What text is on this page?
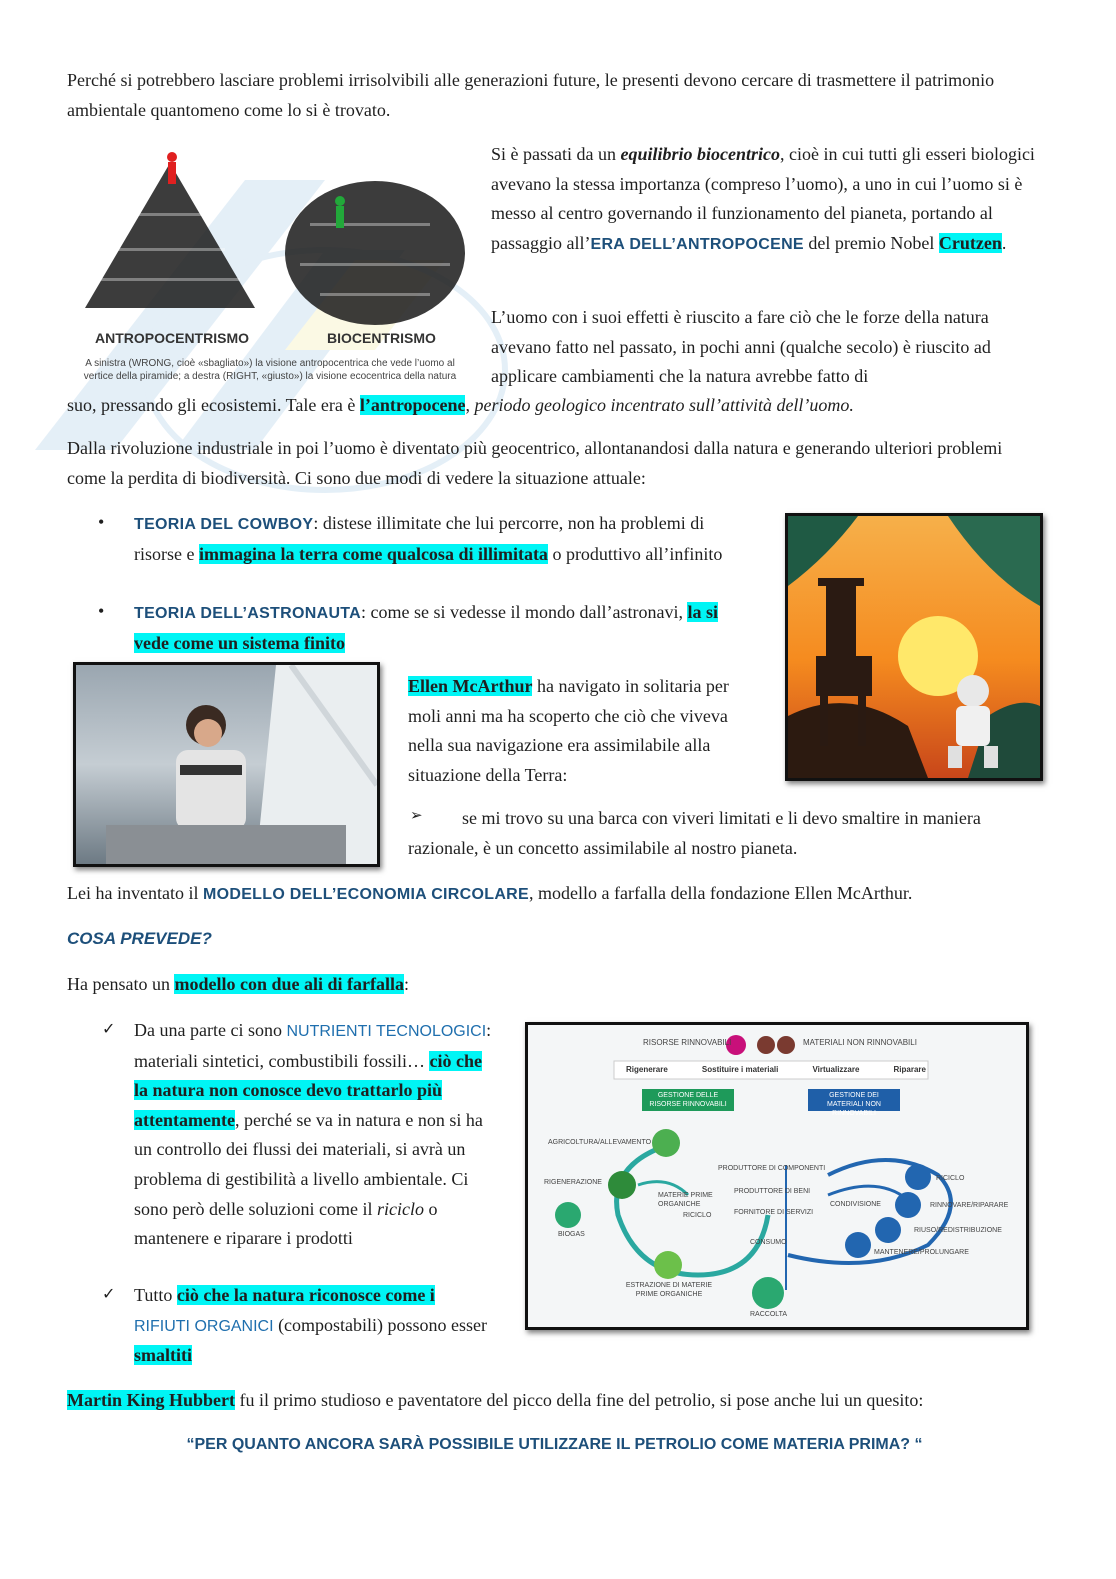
Perché si potrebbero lasciare problemi irrisolvibili alle generazioni future, le presenti devono cercare di trasmettere il patrimonio ambientale quantomeno come lo si è trovato.

ANTROPOCENTRISMO	BIOCENTRISMO
A sinistra (WRONG, cioè «sbagliato») la visione antropocentrica che vede l’uomo al vertice della piramide; a destra (RIGHT, «giusto») la visione ecocentrica della natura

Si è passati da un equilibrio biocentrico, cioè in cui tutti gli esseri biologici avevano la stessa importanza (compreso l’uomo), a uno in cui l’uomo si è messo al centro governando il funzionamento del pianeta, portando al passaggio all’ERA DELL’ANTROPOCENE del premio Nobel Crutzen.

L’uomo con i suoi effetti è riuscito a fare ciò che le forze della natura avevano fatto nel passato, in pochi anni (qualche secolo) è riuscito ad applicare cambiamenti che la natura avrebbe fatto di

suo, pressando gli ecosistemi. Tale era è l’antropocene, periodo geologico incentrato sull’attività dell’uomo.

Dalla rivoluzione industriale in poi l’uomo è diventato più geocentrico, allontanandosi dalla natura e generando ulteriori problemi come la perdita di biodiversità. Ci sono due modi di vedere la situazione attuale:

• TEORIA DEL COWBOY: distese illimitate che lui percorre, non ha problemi di risorse e immagina la terra come qualcosa di illimitata o produttivo all’infinito

• TEORIA DELL’ASTRONAUTA: come se si vedesse il mondo dall’astronavi, la si vede come un sistema finito

Ellen McArthur ha navigato in solitaria per moli anni ma ha scoperto che ciò che viveva nella sua navigazione era assimilabile alla situazione della Terra:

➢	se mi trovo su una barca con viveri limitati e li devo smaltire in maniera razionale, è un concetto assimilabile al nostro pianeta.

Lei ha inventato il MODELLO DELL’ECONOMIA CIRCOLARE, modello a farfalla della fondazione Ellen McArthur.

COSA PREVEDE?

Ha pensato un modello con due ali di farfalla:

✓ Da una parte ci sono NUTRIENTI TECNOLOGICI: materiali sintetici, combustibili fossili… ciò che la natura non conosce devo trattarlo più attentamente, perché se va in natura e non si ha un controllo dei flussi dei materiali, si avrà un problema di gestibilità a livello ambientale. Ci sono però delle soluzioni come il riciclo o mantenere e riparare i prodotti

✓ Tutto ciò che la natura riconosce come i
RIFIUTI ORGANICI (compostabili) possono esser smaltiti

RISORSE RINNOVABILI	MATERIALI NON RINNOVABILI
Rigenerare	Sostituire i materiali	Virtualizzare	Riparare
GESTIONE DELLE RISORSE RINNOVABILI
GESTIONE DEI MATERIALI NON RINNOVABILI
AGRICOLTURA/ALLEVAMENTO
RIGENERAZIONE
BIOGAS
MATERIE PRIME ORGANICHE
RICICLO
ESTRAZIONE DI MATERIE PRIME ORGANICHE
PRODUTTORE DI COMPONENTI
PRODUTTORE DI BENI
FORNITORE DI SERVIZI
CONSUMO
RACCOLTA
CONDIVISIONE
RICICLO
RINNOVARE/RIPARARE
RIUSO/REDISTRIBUZIONE
MANTENERE/PROLUNGARE

Martin King Hubbert fu il primo studioso e paventatore del picco della fine del petrolio, si pose anche lui un quesito:

“PER QUANTO ANCORA SARÀ POSSIBILE UTILIZZARE IL PETROLIO COME MATERIA PRIMA? “
